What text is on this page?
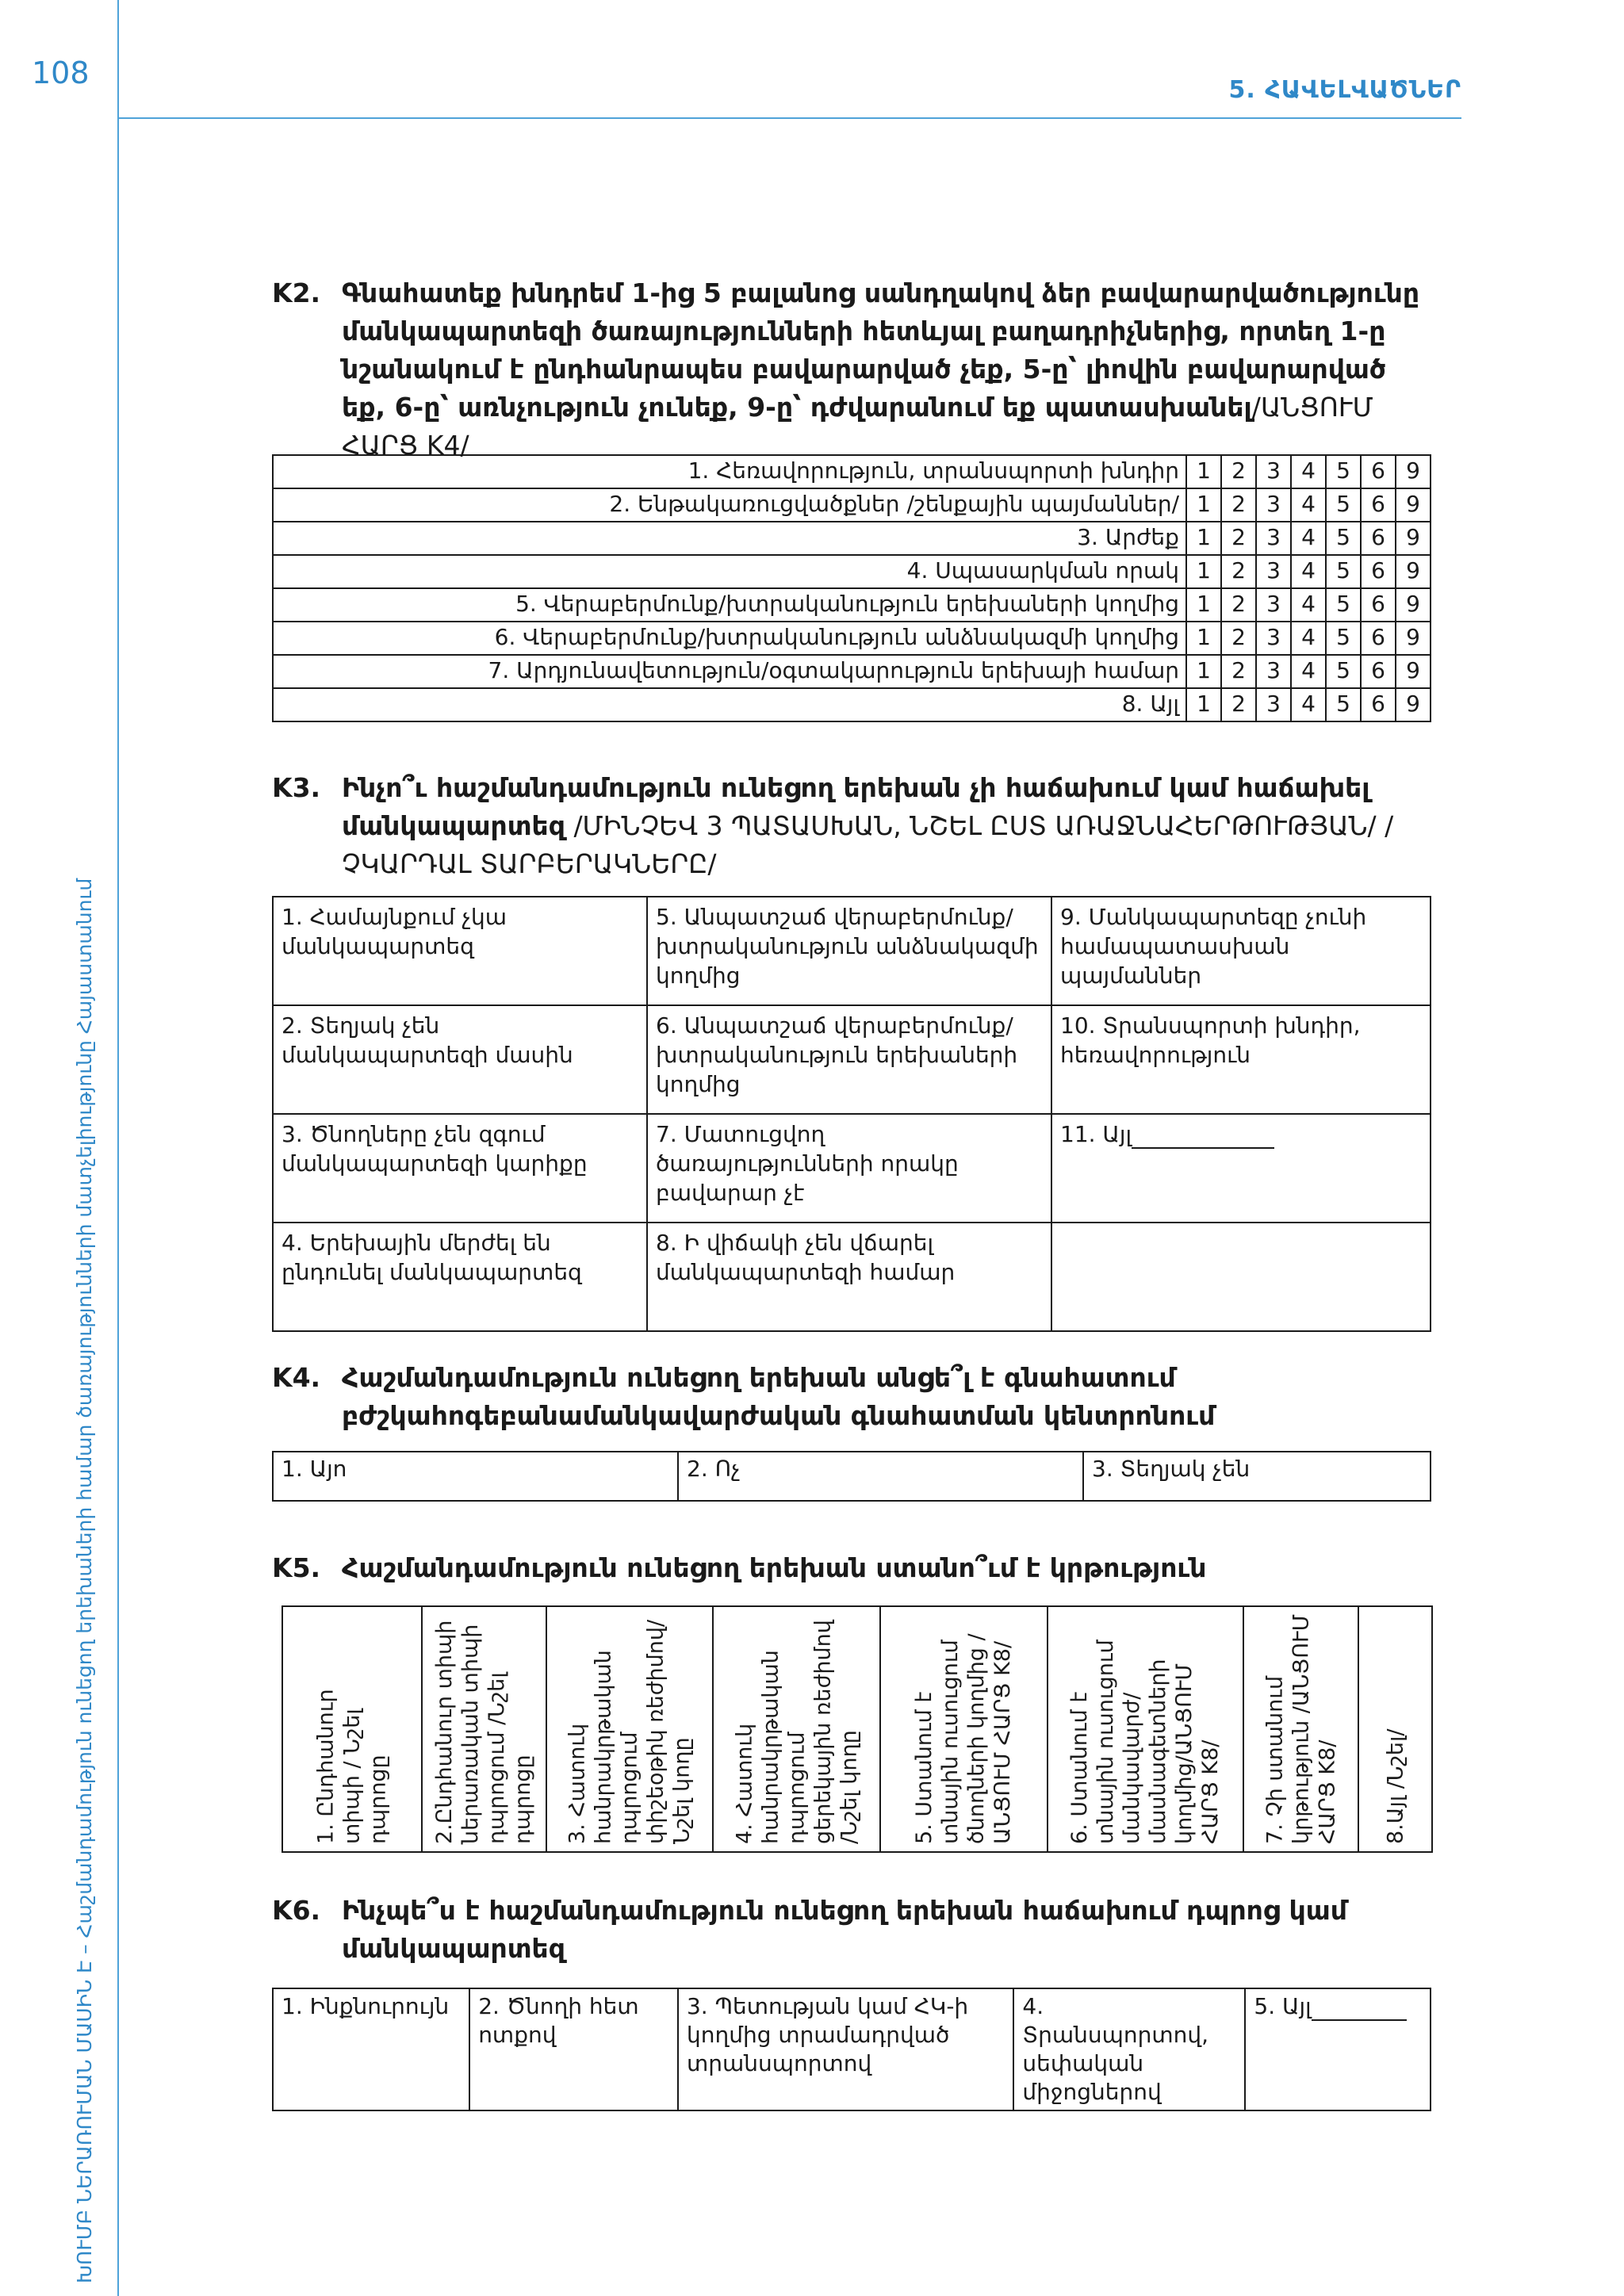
108	5. ՀԱՎԵԼՎԱԾՆԵՐ
ԽՈՒՄԲ ՆԵՐԱՌՈՒՄԱՆ ՄԱՍԻՆ Է – Հաշմանդամություն ունեցող երեխաների համար ծառայությունների մատչելիությունը Հայաստանում
K2. Գնահատեք խնդրեմ 1-ից 5 բալանոց սանդղակով ձեր բավարարվածությունը մանկապարտեզի ծառայությունների հետևյալ բաղադրիչներից, որտեղ 1-ը նշանակում է ընդհանրապես բավարարված չեք, 5-ը՝ լիովին բավարարված եք, 6-ը՝ առնչություն չունեք, 9-ը՝ դժվարանում եք պատասխանել/ԱՆՑՈՒՄ ՀԱՐՑ K4/
1. Հեռավորություն, տրանսպորտի խնդիր	1	2	3	4	5	6	9
2. Ենթակառուցվածքներ /շենքային պայմաններ/	1	2	3	4	5	6	9
3. Արժեք	1	2	3	4	5	6	9
4. Սպասարկման որակ	1	2	3	4	5	6	9
5. Վերաբերմունք/խտրականություն երեխաների կողմից	1	2	3	4	5	6	9
6. Վերաբերմունք/խտրականություն անձնակազմի կողմից	1	2	3	4	5	6	9
7. Արդյունավետություն/օգտակարություն երեխայի համար	1	2	3	4	5	6	9
8. Այլ	1	2	3	4	5	6	9
K3. Ինչո՞ւ հաշմանդամություն ունեցող երեխան չի հաճախում կամ հաճախել մանկապարտեզ /ՄԻՆՉԵՎ 3 ՊԱՏԱՍԽԱՆ, ՆՇԵԼ ԸՍՏ ԱՌԱՋՆԱՀԵՐԹՈՒԹՅԱՆ/ /ՉԿԱՐԴԱԼ ՏԱՐԲԵՐԱԿՆԵՐԸ/
1. Համայնքում չկա մանկապարտեզ	5. Անպատշաճ վերաբերմունք/ խտրականություն անձնակազմի կողմից	9. Մանկապարտեզը չունի համապատասխան պայմաններ
2. Տեղյակ չեն մանկապարտեզի մասին	6. Անպատշաճ վերաբերմունք/ խտրականություն երեխաների կողմից	10. Տրանսպորտի խնդիր, հեռավորություն
3. Ծնողները չեն զգում մանկապարտեզի կարիքը	7. Մատուցվող ծառայությունների որակը բավարար չէ	11. Այլ
4. Երեխային մերժել են ընդունել մանկապարտեզ	8. Ի վիճակի չեն վճարել մանկապարտեզի համար	
K4. Հաշմանդամություն ունեցող երեխան անցե՞լ է գնահատում բժշկահոգեբանամանկավարժական գնահատման կենտրոնում
1. Այո	2. Ոչ	3. Տեղյակ չեն
K5. Հաշմանդամություն ունեցող երեխան ստանո՞ւմ է կրթություն
1. Ընդհանուր տիպի / Նշել դպրոցը	2.Ընդհանուր տիպի ներառական տիպի դպրոցում /Նշել դպրոցը	3. Հատուկ հանրակրթական դպրոցում փիշեօթիկ ռեժիմով/ Նշել կողը	4. Հատուկ հանրակրթական դպրոցում ցերեկային ռեժիմով /Նշել կողը	5. Ստանում է տնային ուսուցում ծնողների կողմից /ԱՆՑՈՒՄ ՀԱՐՑ K8/	6. Ստանում է տնային ուսուցում մանկավարժ/ մասնագետների կողմից/ԱՆՑՈՒՄ ՀԱՐՑ K8/	7. Չի ստանում կրթություն /ԱՆՑՈՒՄ ՀԱՐՑ K8/	8.Այլ /Նշել/
K6. Ինչպե՞ս է հաշմանդամություն ունեցող երեխան հաճախում դպրոց կամ մանկապարտեզ
1. Ինքնուրույն	2. Ծնողի հետ ոտքով	3. Պետության կամ ՀԿ-ի կողմից տրամադրված տրանսպորտով	4. Տրանսպորտով, սեփական միջոցներով	5. Այլ
